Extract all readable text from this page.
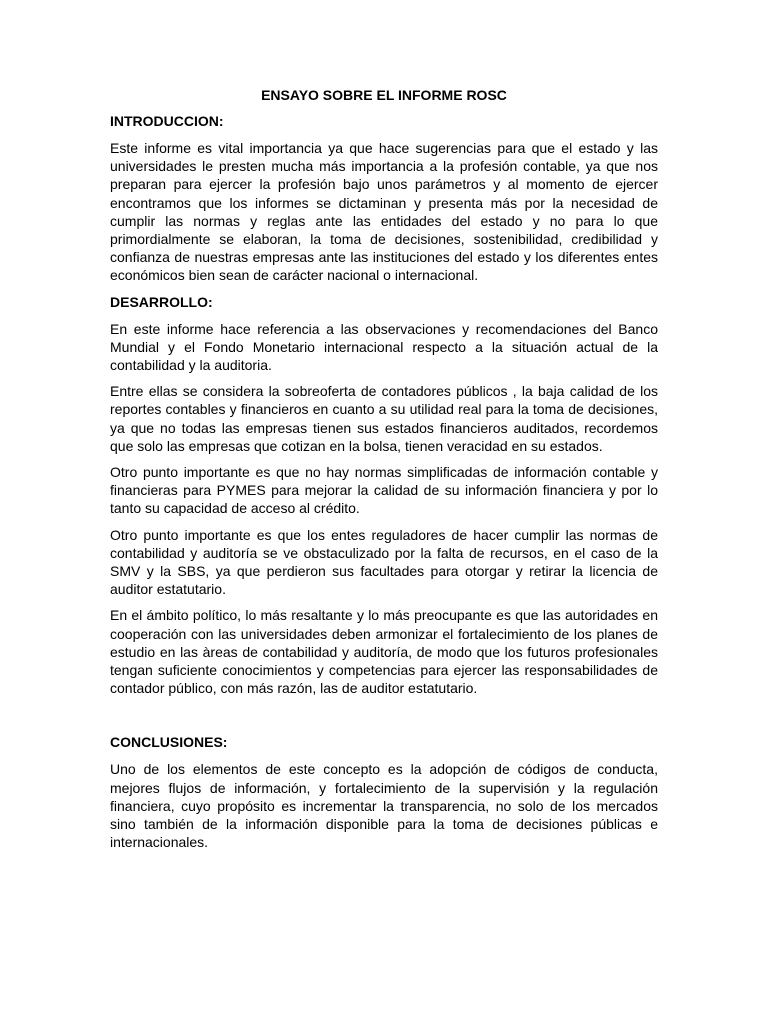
ENSAYO SOBRE EL INFORME ROSC
INTRODUCCION:
Este informe es vital importancia ya que hace sugerencias para que el estado y las universidades le presten mucha más importancia a la profesión contable, ya que nos preparan para ejercer la profesión bajo unos parámetros y al momento de ejercer encontramos que los informes se dictaminan y presenta más por la necesidad de cumplir las normas y reglas ante las entidades del estado y no para lo que primordialmente se elaboran, la toma de decisiones, sostenibilidad, credibilidad y confianza de nuestras empresas ante las instituciones del estado y los diferentes entes económicos bien sean de carácter nacional o internacional.
DESARROLLO:
En este informe hace referencia a las observaciones y recomendaciones del Banco Mundial y el Fondo Monetario internacional respecto a la situación actual de la contabilidad y la auditoria.
Entre ellas se considera la sobreoferta de contadores públicos , la baja calidad de los reportes contables y financieros en cuanto a su utilidad real para la toma de decisiones, ya que no todas las empresas tienen sus estados financieros auditados, recordemos que solo las empresas que cotizan en la bolsa, tienen veracidad en su estados.
Otro punto importante es que no hay normas simplificadas de información contable y financieras para PYMES para mejorar la calidad de su información financiera y por lo tanto su capacidad de acceso al crédito.
Otro punto importante es que los entes reguladores de hacer cumplir las normas de contabilidad y auditoría se ve obstaculizado por la falta de recursos, en el caso de la SMV y la SBS, ya que perdieron sus facultades para otorgar y retirar la licencia de auditor estatutario.
En el ámbito político, lo más resaltante y lo más preocupante es que las autoridades en cooperación con las universidades deben armonizar el fortalecimiento de los planes de estudio en las àreas de contabilidad y auditoría, de modo que los futuros profesionales tengan suficiente conocimientos y competencias para ejercer las responsabilidades de contador público, con más razón, las de auditor estatutario.
CONCLUSIONES:
Uno de los elementos de este concepto es la adopción de códigos de conducta, mejores flujos de información, y fortalecimiento de la supervisión y la regulación financiera, cuyo propósito es incrementar la transparencia, no solo de los mercados sino también de la información disponible para la toma de decisiones públicas e internacionales.
